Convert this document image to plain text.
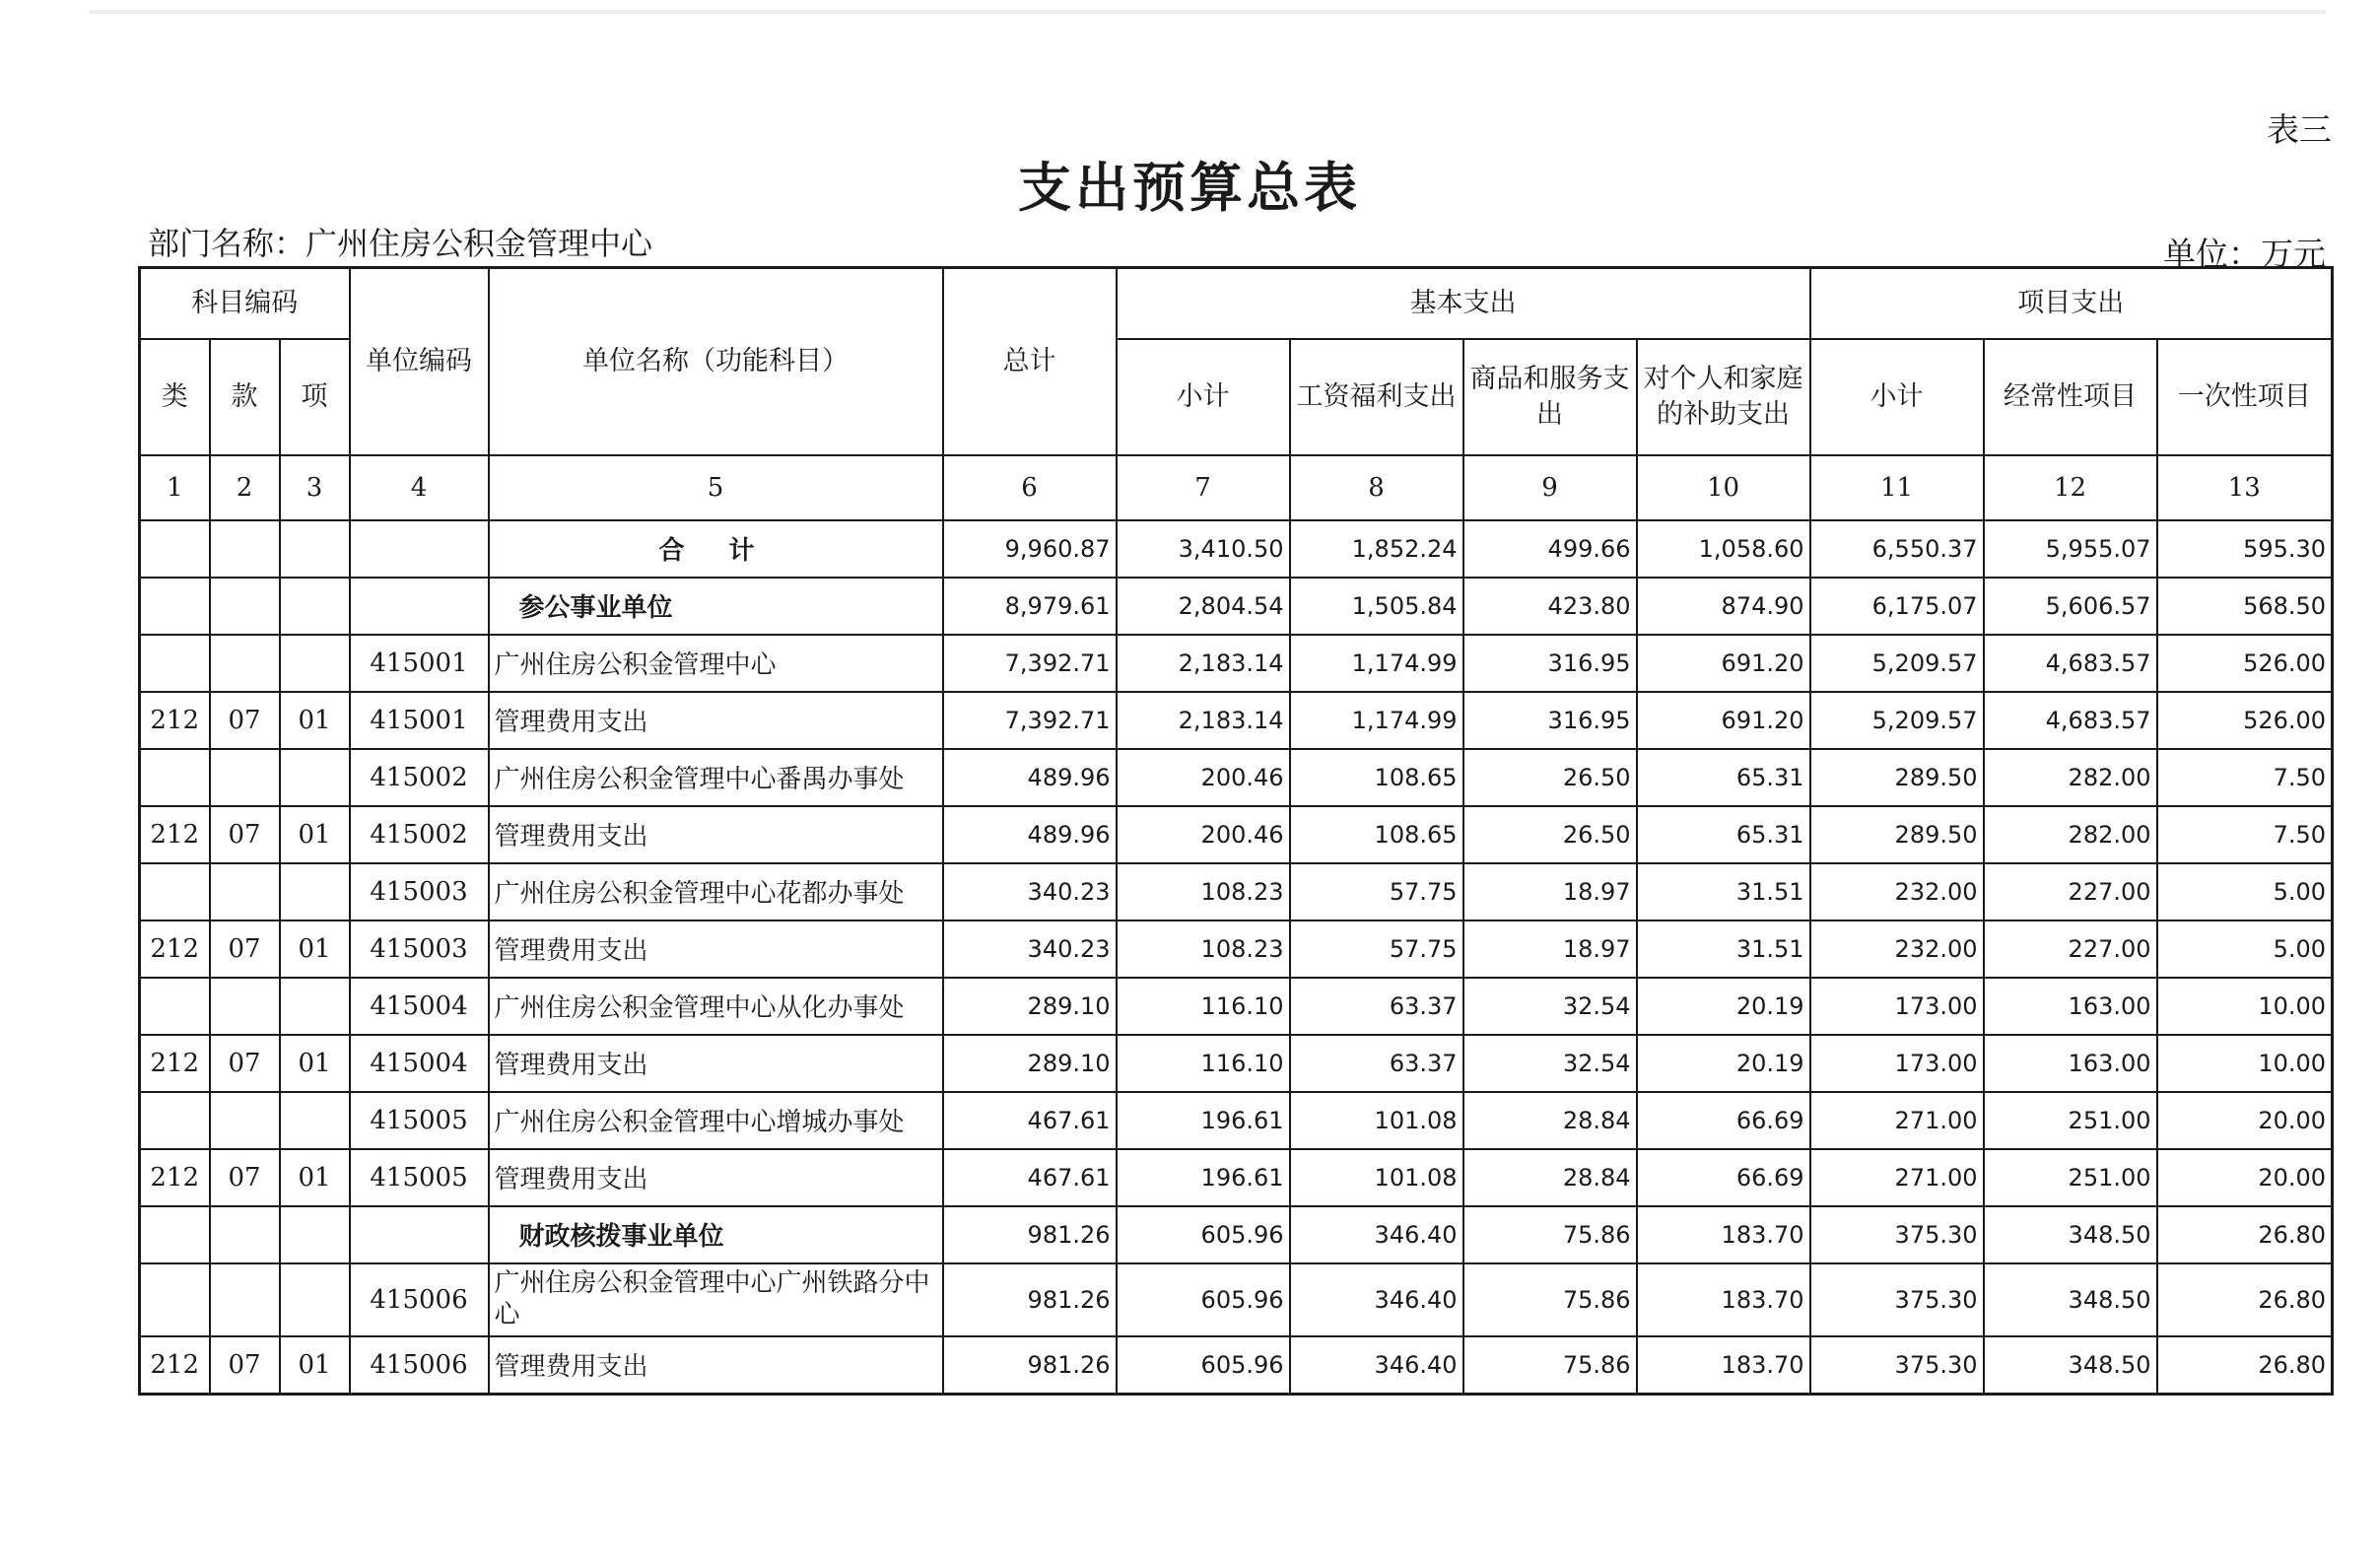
表三
支出预算总表
部门名称：广州住房公积金管理中心	单位：万元
科目编码			单位编码	单位名称（功能科目）	总计	基本支出				项目支出		
类	款	项				小计	工资福利支出	商品和服务支出	对个人和家庭的补助支出	小计	经常性项目	一次性项目
1	2	3	4	5	6	7	8	9	10	11	12	13
				合 计	9,960.87	3,410.50	1,852.24	499.66	1,058.60	6,550.37	5,955.07	595.30
				参公事业单位	8,979.61	2,804.54	1,505.84	423.80	874.90	6,175.07	5,606.57	568.50
			415001	广州住房公积金管理中心	7,392.71	2,183.14	1,174.99	316.95	691.20	5,209.57	4,683.57	526.00
212	07	01	415001	管理费用支出	7,392.71	2,183.14	1,174.99	316.95	691.20	5,209.57	4,683.57	526.00
			415002	广州住房公积金管理中心番禺办事处	489.96	200.46	108.65	26.50	65.31	289.50	282.00	7.50
212	07	01	415002	管理费用支出	489.96	200.46	108.65	26.50	65.31	289.50	282.00	7.50
			415003	广州住房公积金管理中心花都办事处	340.23	108.23	57.75	18.97	31.51	232.00	227.00	5.00
212	07	01	415003	管理费用支出	340.23	108.23	57.75	18.97	31.51	232.00	227.00	5.00
			415004	广州住房公积金管理中心从化办事处	289.10	116.10	63.37	32.54	20.19	173.00	163.00	10.00
212	07	01	415004	管理费用支出	289.10	116.10	63.37	32.54	20.19	173.00	163.00	10.00
			415005	广州住房公积金管理中心增城办事处	467.61	196.61	101.08	28.84	66.69	271.00	251.00	20.00
212	07	01	415005	管理费用支出	467.61	196.61	101.08	28.84	66.69	271.00	251.00	20.00
				财政核拨事业单位	981.26	605.96	346.40	75.86	183.70	375.30	348.50	26.80
			415006	广州住房公积金管理中心广州铁路分中心	981.26	605.96	346.40	75.86	183.70	375.30	348.50	26.80
212	07	01	415006	管理费用支出	981.26	605.96	346.40	75.86	183.70	375.30	348.50	26.80
